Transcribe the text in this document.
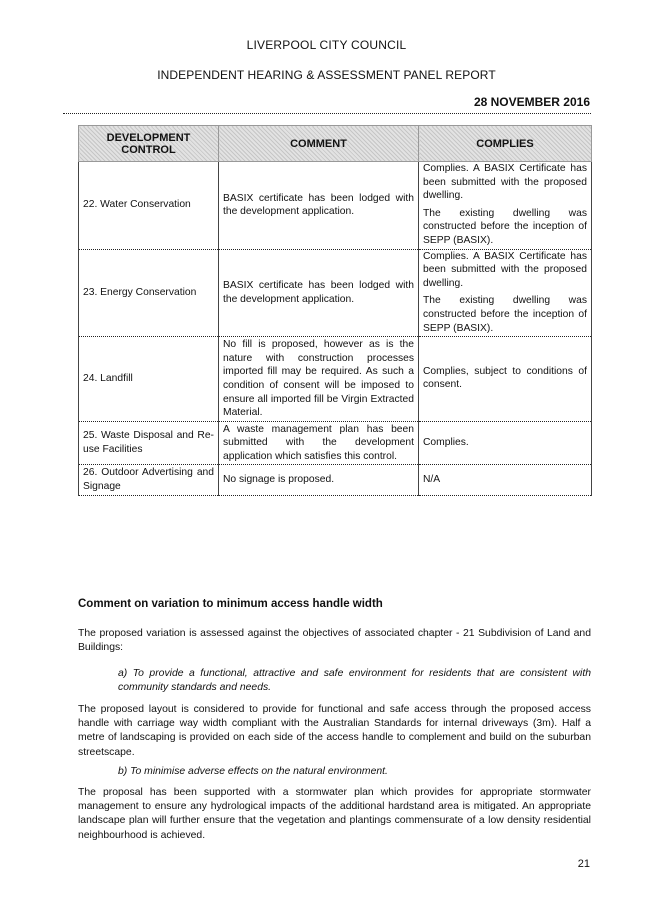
LIVERPOOL CITY COUNCIL
INDEPENDENT HEARING & ASSESSMENT PANEL REPORT
28 NOVEMBER 2016
DEVELOPMENT CONTROL	COMMENT	COMPLIES
22. Water Conservation	BASIX certificate has been lodged with the development application.	Complies. A BASIX Certificate has been submitted with the proposed dwelling.

The existing dwelling was constructed before the inception of SEPP (BASIX).

23. Energy Conservation	BASIX certificate has been lodged with the development application.	Complies. A BASIX Certificate has been submitted with the proposed dwelling.

The existing dwelling was constructed before the inception of SEPP (BASIX).

24. Landfill	No fill is proposed, however as is the nature with construction processes imported fill may be required. As such a condition of consent will be imposed to ensure all imported fill be Virgin Extracted Material.	Complies, subject to conditions of consent.

25. Waste Disposal and Re-use Facilities	A waste management plan has been submitted with the development application which satisfies this control.	Complies.

26. Outdoor Advertising and Signage	No signage is proposed.	N/A

Comment on variation to minimum access handle width
The proposed variation is assessed against the objectives of associated chapter - 21 Subdivision of Land and Buildings:
a) To provide a functional, attractive and safe environment for residents that are consistent with community standards and needs.
The proposed layout is considered to provide for functional and safe access through the proposed access handle with carriage way width compliant with the Australian Standards for internal driveways (3m). Half a metre of landscaping is provided on each side of the access handle to complement and build on the suburban streetscape.
b) To minimise adverse effects on the natural environment.
The proposal has been supported with a stormwater plan which provides for appropriate stormwater management to ensure any hydrological impacts of the additional hardstand area is mitigated. An appropriate landscape plan will further ensure that the vegetation and plantings commensurate of a low density residential neighbourhood is achieved.
21
